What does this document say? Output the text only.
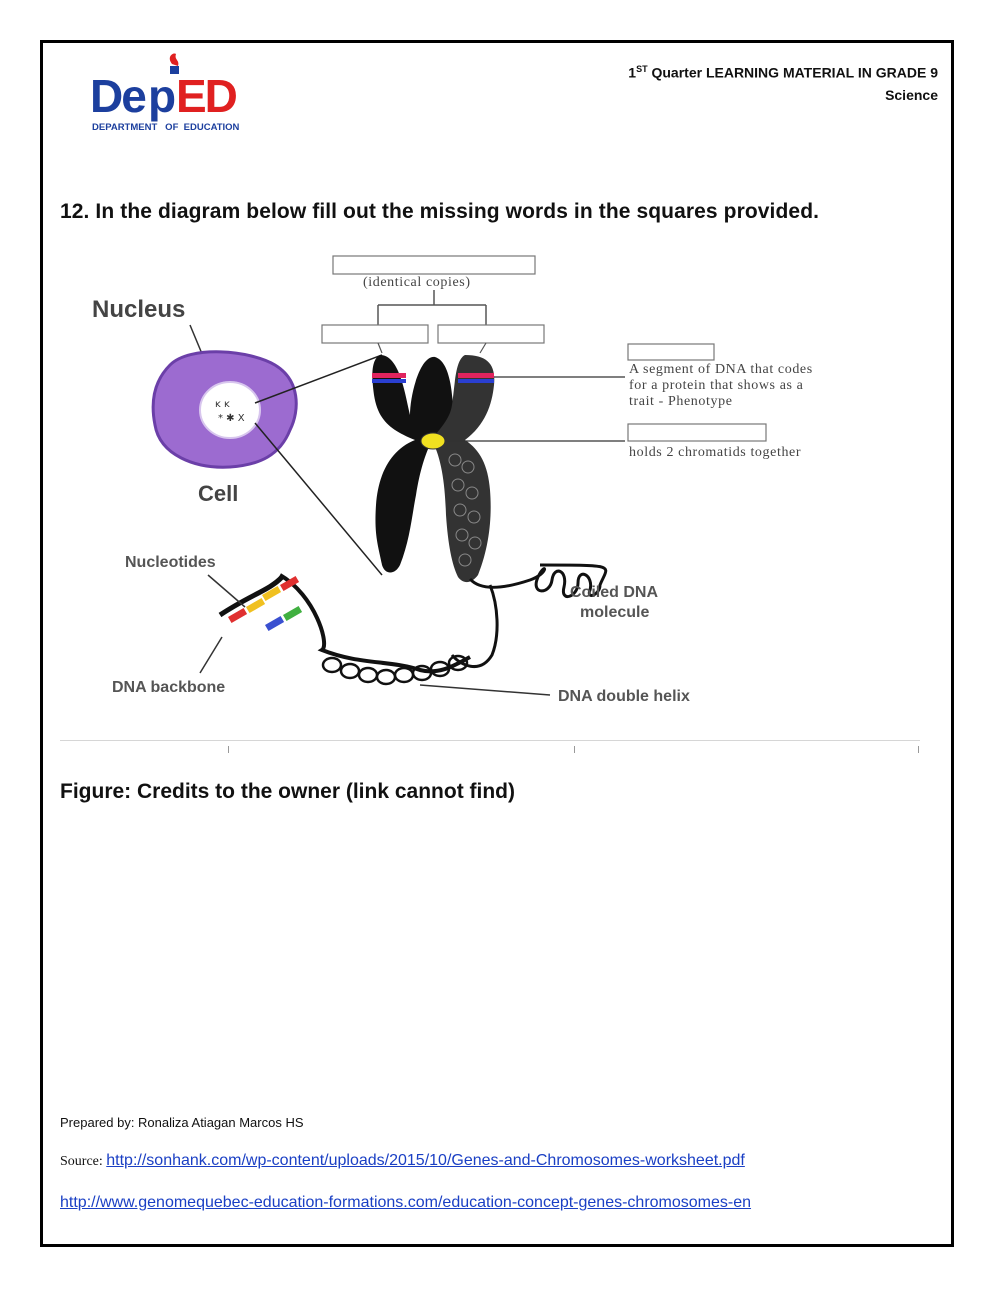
De p ED
DEPARTMENT   OF  EDUCATION
1ST Quarter LEARNING MATERIAL IN GRADE 9
Science
12. In the diagram below fill out the missing words in the squares provided.
(identical copies)
Nucleus
ĸ ĸ
* ✱ X
Cell
A segment of DNA that codes
for a protein that shows as a
trait - Phenotype
holds 2 chromatids together
Coiled DNA
molecule
Nucleotides
DNA backbone
DNA double helix
Figure: Credits to the owner (link cannot find)
Prepared by: Ronaliza Atiagan Marcos HS
Source: http://sonhank.com/wp-content/uploads/2015/10/Genes-and-Chromosomes-worksheet.pdf
http://www.genomequebec-education-formations.com/education-concept-genes-chromosomes-en
